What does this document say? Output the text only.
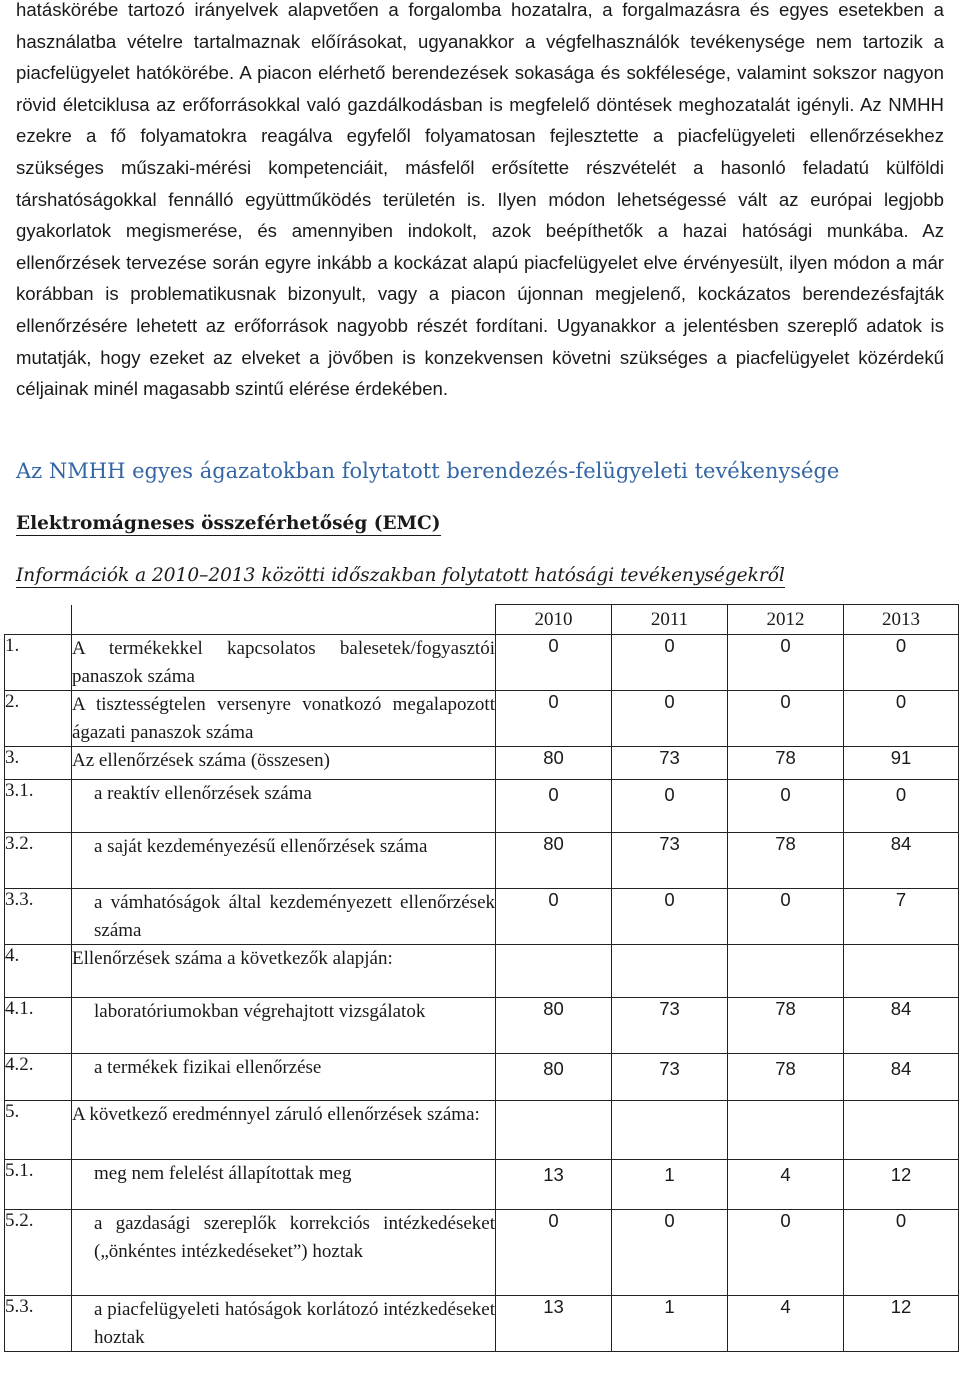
hatáskörébe tartozó irányelvek alapvetően a forgalomba hozatalra, a forgalmazásra és egyes esetekben a használatba vételre tartalmaznak előírásokat, ugyanakkor a végfelhasználók tevékenysége nem tartozik a piacfelügyelet hatókörébe. A piacon elérhető berendezések sokasága és sokfélesége, valamint sokszor nagyon rövid életciklusa az erőforrásokkal való gazdálkodásban is megfelelő döntések meghozatalát igényli. Az NMHH ezekre a fő folyamatokra reagálva egyfelől folyamatosan fejlesztette a piacfelügyeleti ellenőrzésekhez szükséges műszaki-mérési kompetenciáit, másfelől erősítette részvételét a hasonló feladatú külföldi társhatóságokkal fennálló együttműködés területén is. Ilyen módon lehetségessé vált az európai legjobb gyakorlatok megismerése, és amennyiben indokolt, azok beépíthetők a hazai hatósági munkába. Az ellenőrzések tervezése során egyre inkább a kockázat alapú piacfelügyelet elve érvényesült, ilyen módon a már korábban is problematikusnak bizonyult, vagy a piacon újonnan megjelenő, kockázatos berendezésfajták ellenőrzésére lehetett az erőforrások nagyobb részét fordítani. Ugyanakkor a jelentésben szereplő adatok is mutatják, hogy ezeket az elveket a jövőben is konzekvensen követni szükséges a piacfelügyelet közérdekű céljainak minél magasabb szintű elérése érdekében.

Az NMHH egyes ágazatokban folytatott berendezés-felügyeleti tevékenysége
Elektromágneses összeférhetőség (EMC)

Információk a 2010–2013 közötti időszakban folytatott hatósági tevékenységekről

		2010	2011	2012	2013
1.	A termékekkel kapcsolatos balesetek/fogyasztói panaszok száma	0	0	0	0
2.	A tisztességtelen versenyre vonatkozó megalapozott ágazati panaszok száma	0	0	0	0
3.	Az ellenőrzések száma (összesen)	80	73	78	91
3.1.	a reaktív ellenőrzések száma	0	0	0	0
3.2.	a saját kezdeményezésű ellenőrzések száma	80	73	78	84
3.3.	a vámhatóságok által kezdeményezett ellenőrzések száma	0	0	0	7
4.	Ellenőrzések száma a következők alapján:				
4.1.	laboratóriumokban végrehajtott vizsgálatok	80	73	78	84
4.2.	a termékek fizikai ellenőrzése	80	73	78	84
5.	A következő eredménnyel záruló ellenőrzések száma:				
5.1.	meg nem felelést állapítottak meg	13	1	4	12
5.2.	a gazdasági szereplők korrekciós intézkedéseket („önkéntes intézkedéseket”) hoztak	0	0	0	0
5.3.	a piacfelügyeleti hatóságok korlátozó intézkedéseket hoztak	13	1	4	12
